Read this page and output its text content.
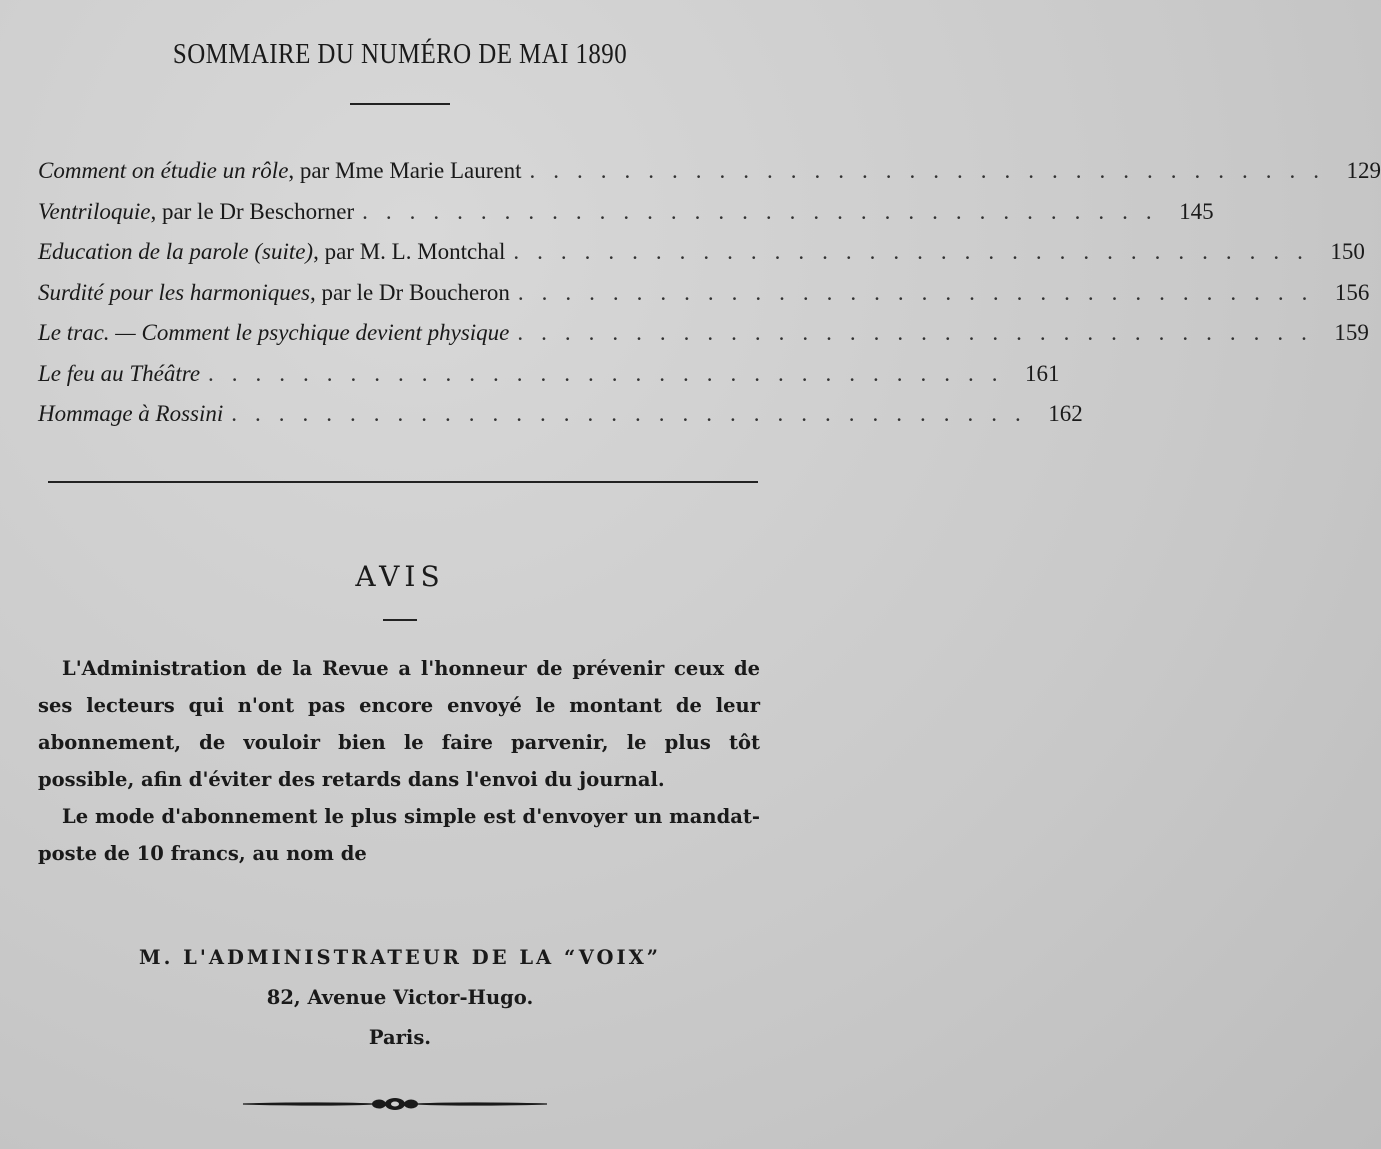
SOMMAIRE DU NUMÉRO DE MAI 1890
Comment on étudie un rôle, par Mme Marie Laurent .................................. 129
Ventriloquie, par le Dr Beschorner .................................. 145
Education de la parole (suite), par M. L. Montchal .................................. 150
Surdité pour les harmoniques, par le Dr Boucheron .................................. 156
Le trac. — Comment le psychique devient physique .................................. 159
Le feu au Théâtre .................................. 161
Hommage à Rossini .................................. 162
AVIS

L'Administration de la Revue a l'honneur de prévenir ceux de ses lecteurs qui n'ont pas encore envoyé le montant de leur abonnement, de vouloir bien le faire parvenir, le plus tôt possible, afin d'éviter des retards dans l'envoi du journal.

Le mode d'abonnement le plus simple est d'envoyer un mandat-poste de 10 francs, au nom de

M. L'ADMINISTRATEUR DE LA “VOIX”
82, Avenue Victor-Hugo.
Paris.
